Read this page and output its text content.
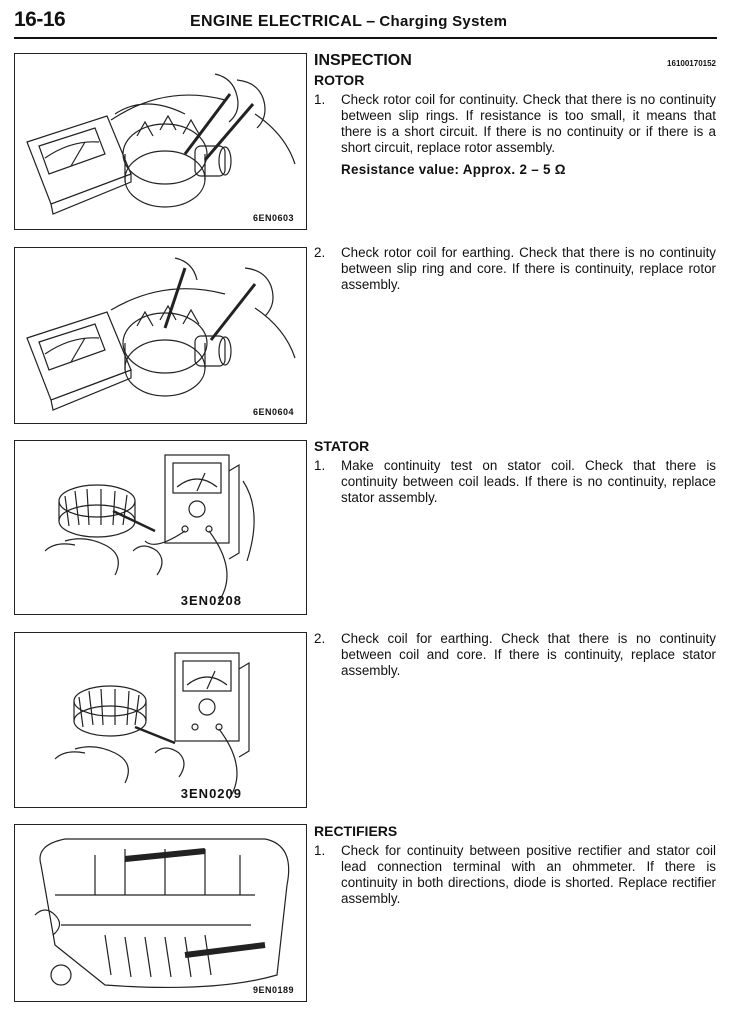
16-16	ENGINE ELECTRICAL – Charging System
6EN0603
6EN0604
3EN0208
3EN0209
9EN0189
INSPECTION	16100170152
ROTOR
1. Check rotor coil for continuity. Check that there is no continuity between slip rings. If resistance is too small, it means that there is a short circuit. If there is no continuity or if there is a short circuit, replace rotor assembly.
Resistance value: Approx. 2 – 5 Ω
2. Check rotor coil for earthing. Check that there is no continuity between slip ring and core. If there is continuity, replace rotor assembly.
STATOR
1. Make continuity test on stator coil. Check that there is continuity between coil leads. If there is no continuity, replace stator assembly.
2. Check coil for earthing. Check that there is no continuity between coil and core. If there is continuity, replace stator assembly.
RECTIFIERS
1. Check for continuity between positive rectifier and stator coil lead connection terminal with an ohmmeter. If there is continuity in both directions, diode is shorted. Replace rectifier assembly.
